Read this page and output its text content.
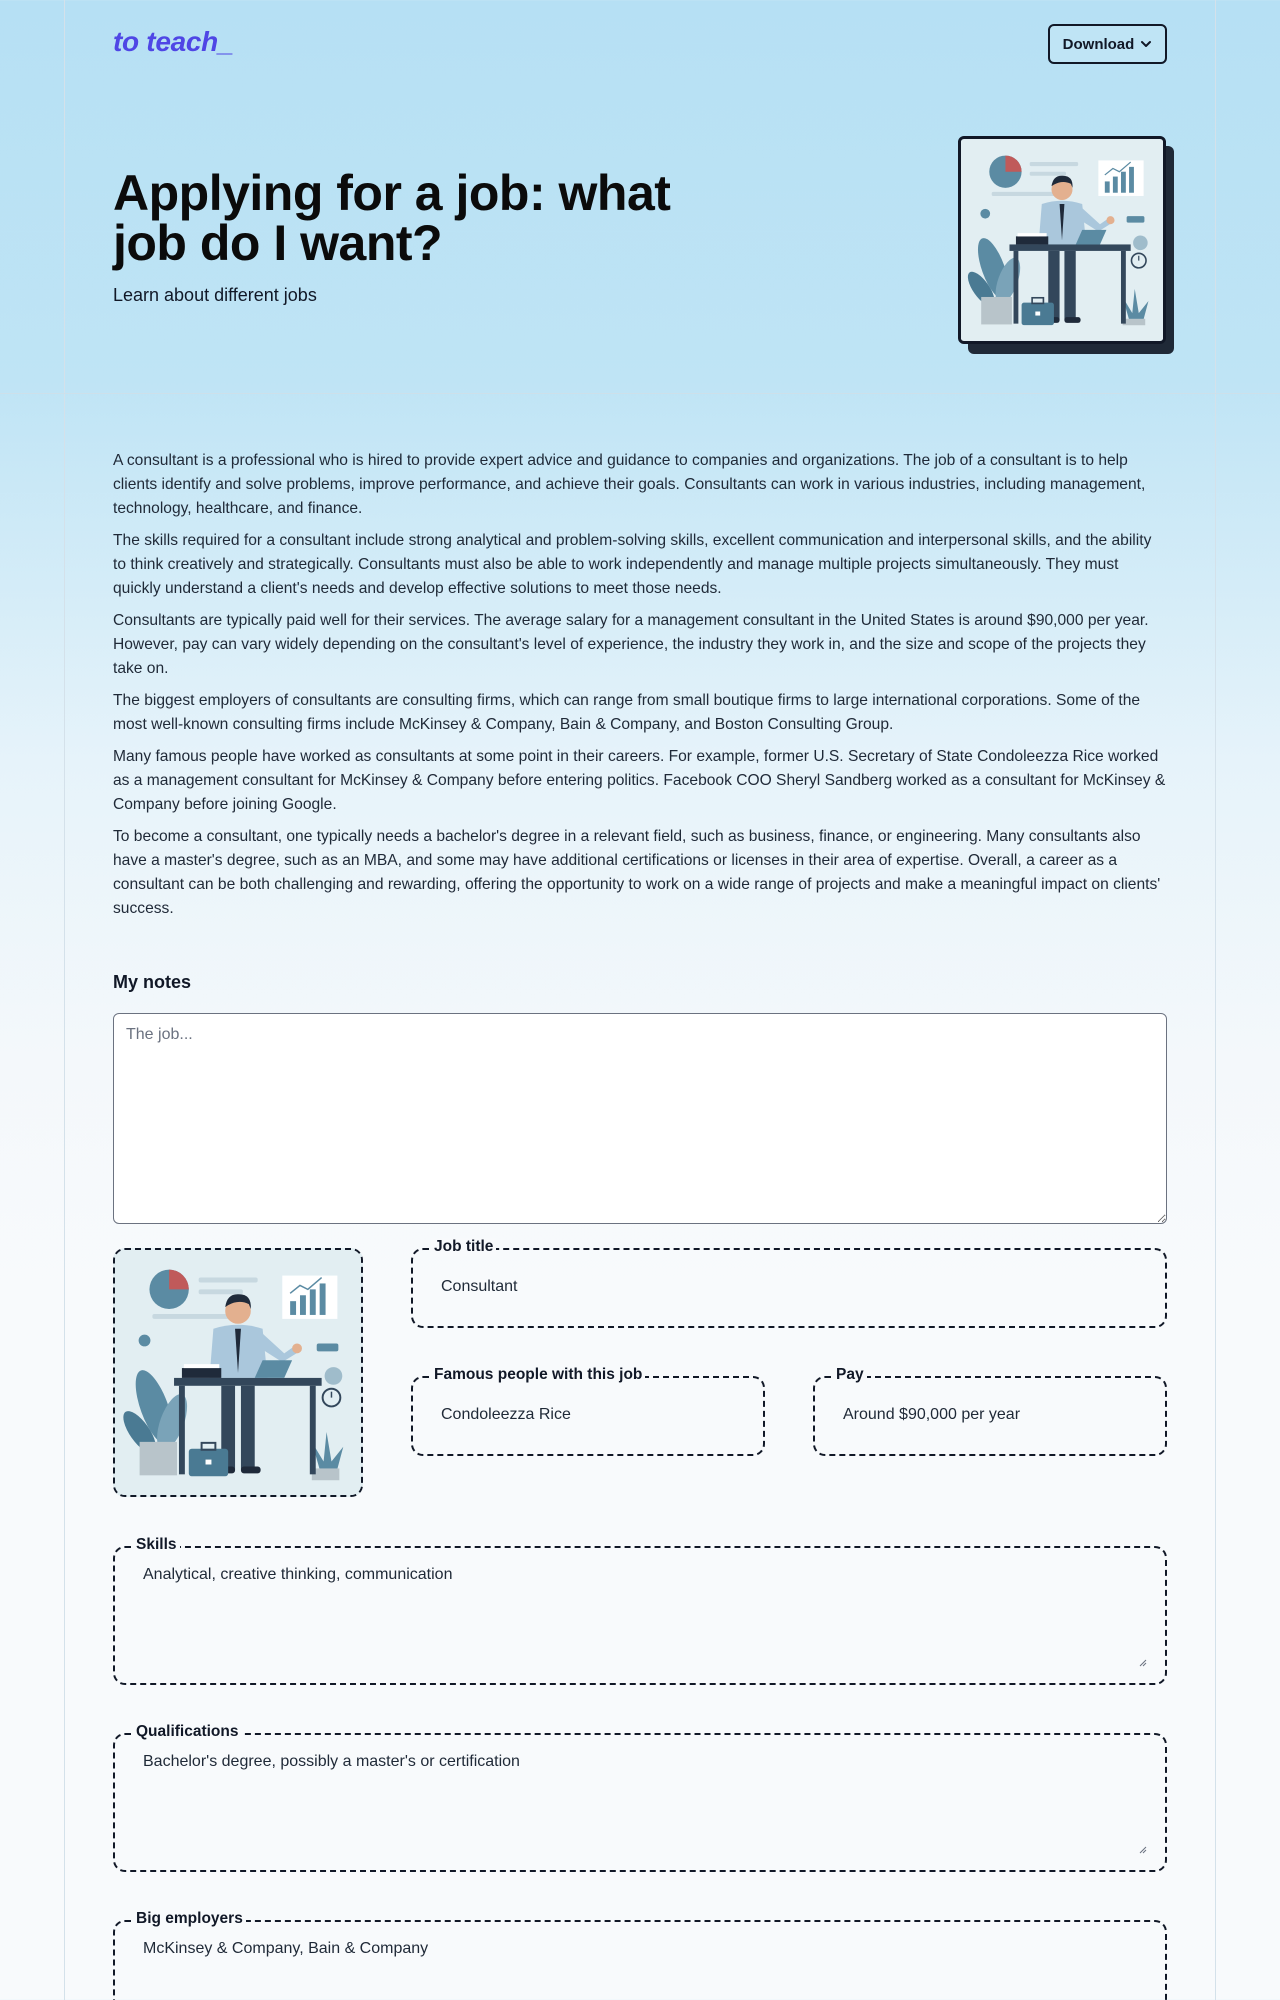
to teach_	Download
Applying for a job: what job do I want?
Learn about different jobs

A consultant is a professional who is hired to provide expert advice and guidance to companies and organizations. The job of a consultant is to help clients identify and solve problems, improve performance, and achieve their goals. Consultants can work in various industries, including management, technology, healthcare, and finance.

The skills required for a consultant include strong analytical and problem-solving skills, excellent communication and interpersonal skills, and the ability to think creatively and strategically. Consultants must also be able to work independently and manage multiple projects simultaneously. They must quickly understand a client's needs and develop effective solutions to meet those needs.

Consultants are typically paid well for their services. The average salary for a management consultant in the United States is around $90,000 per year. However, pay can vary widely depending on the consultant's level of experience, the industry they work in, and the size and scope of the projects they take on.

The biggest employers of consultants are consulting firms, which can range from small boutique firms to large international corporations. Some of the most well-known consulting firms include McKinsey & Company, Bain & Company, and Boston Consulting Group.

Many famous people have worked as consultants at some point in their careers. For example, former U.S. Secretary of State Condoleezza Rice worked as a management consultant for McKinsey & Company before entering politics. Facebook COO Sheryl Sandberg worked as a consultant for McKinsey & Company before joining Google.

To become a consultant, one typically needs a bachelor's degree in a relevant field, such as business, finance, or engineering. Many consultants also have a master's degree, such as an MBA, and some may have additional certifications or licenses in their area of expertise. Overall, a career as a consultant can be both challenging and rewarding, offering the opportunity to work on a wide range of projects and make a meaningful impact on clients' success.

My notes
The job...
Job title
Consultant
Famous people with this job
Condoleezza Rice
Pay
Around $90,000 per year
Skills
Analytical, creative thinking, communication
Qualifications
Bachelor's degree, possibly a master's or certification
Big employers
McKinsey & Company, Bain & Company
